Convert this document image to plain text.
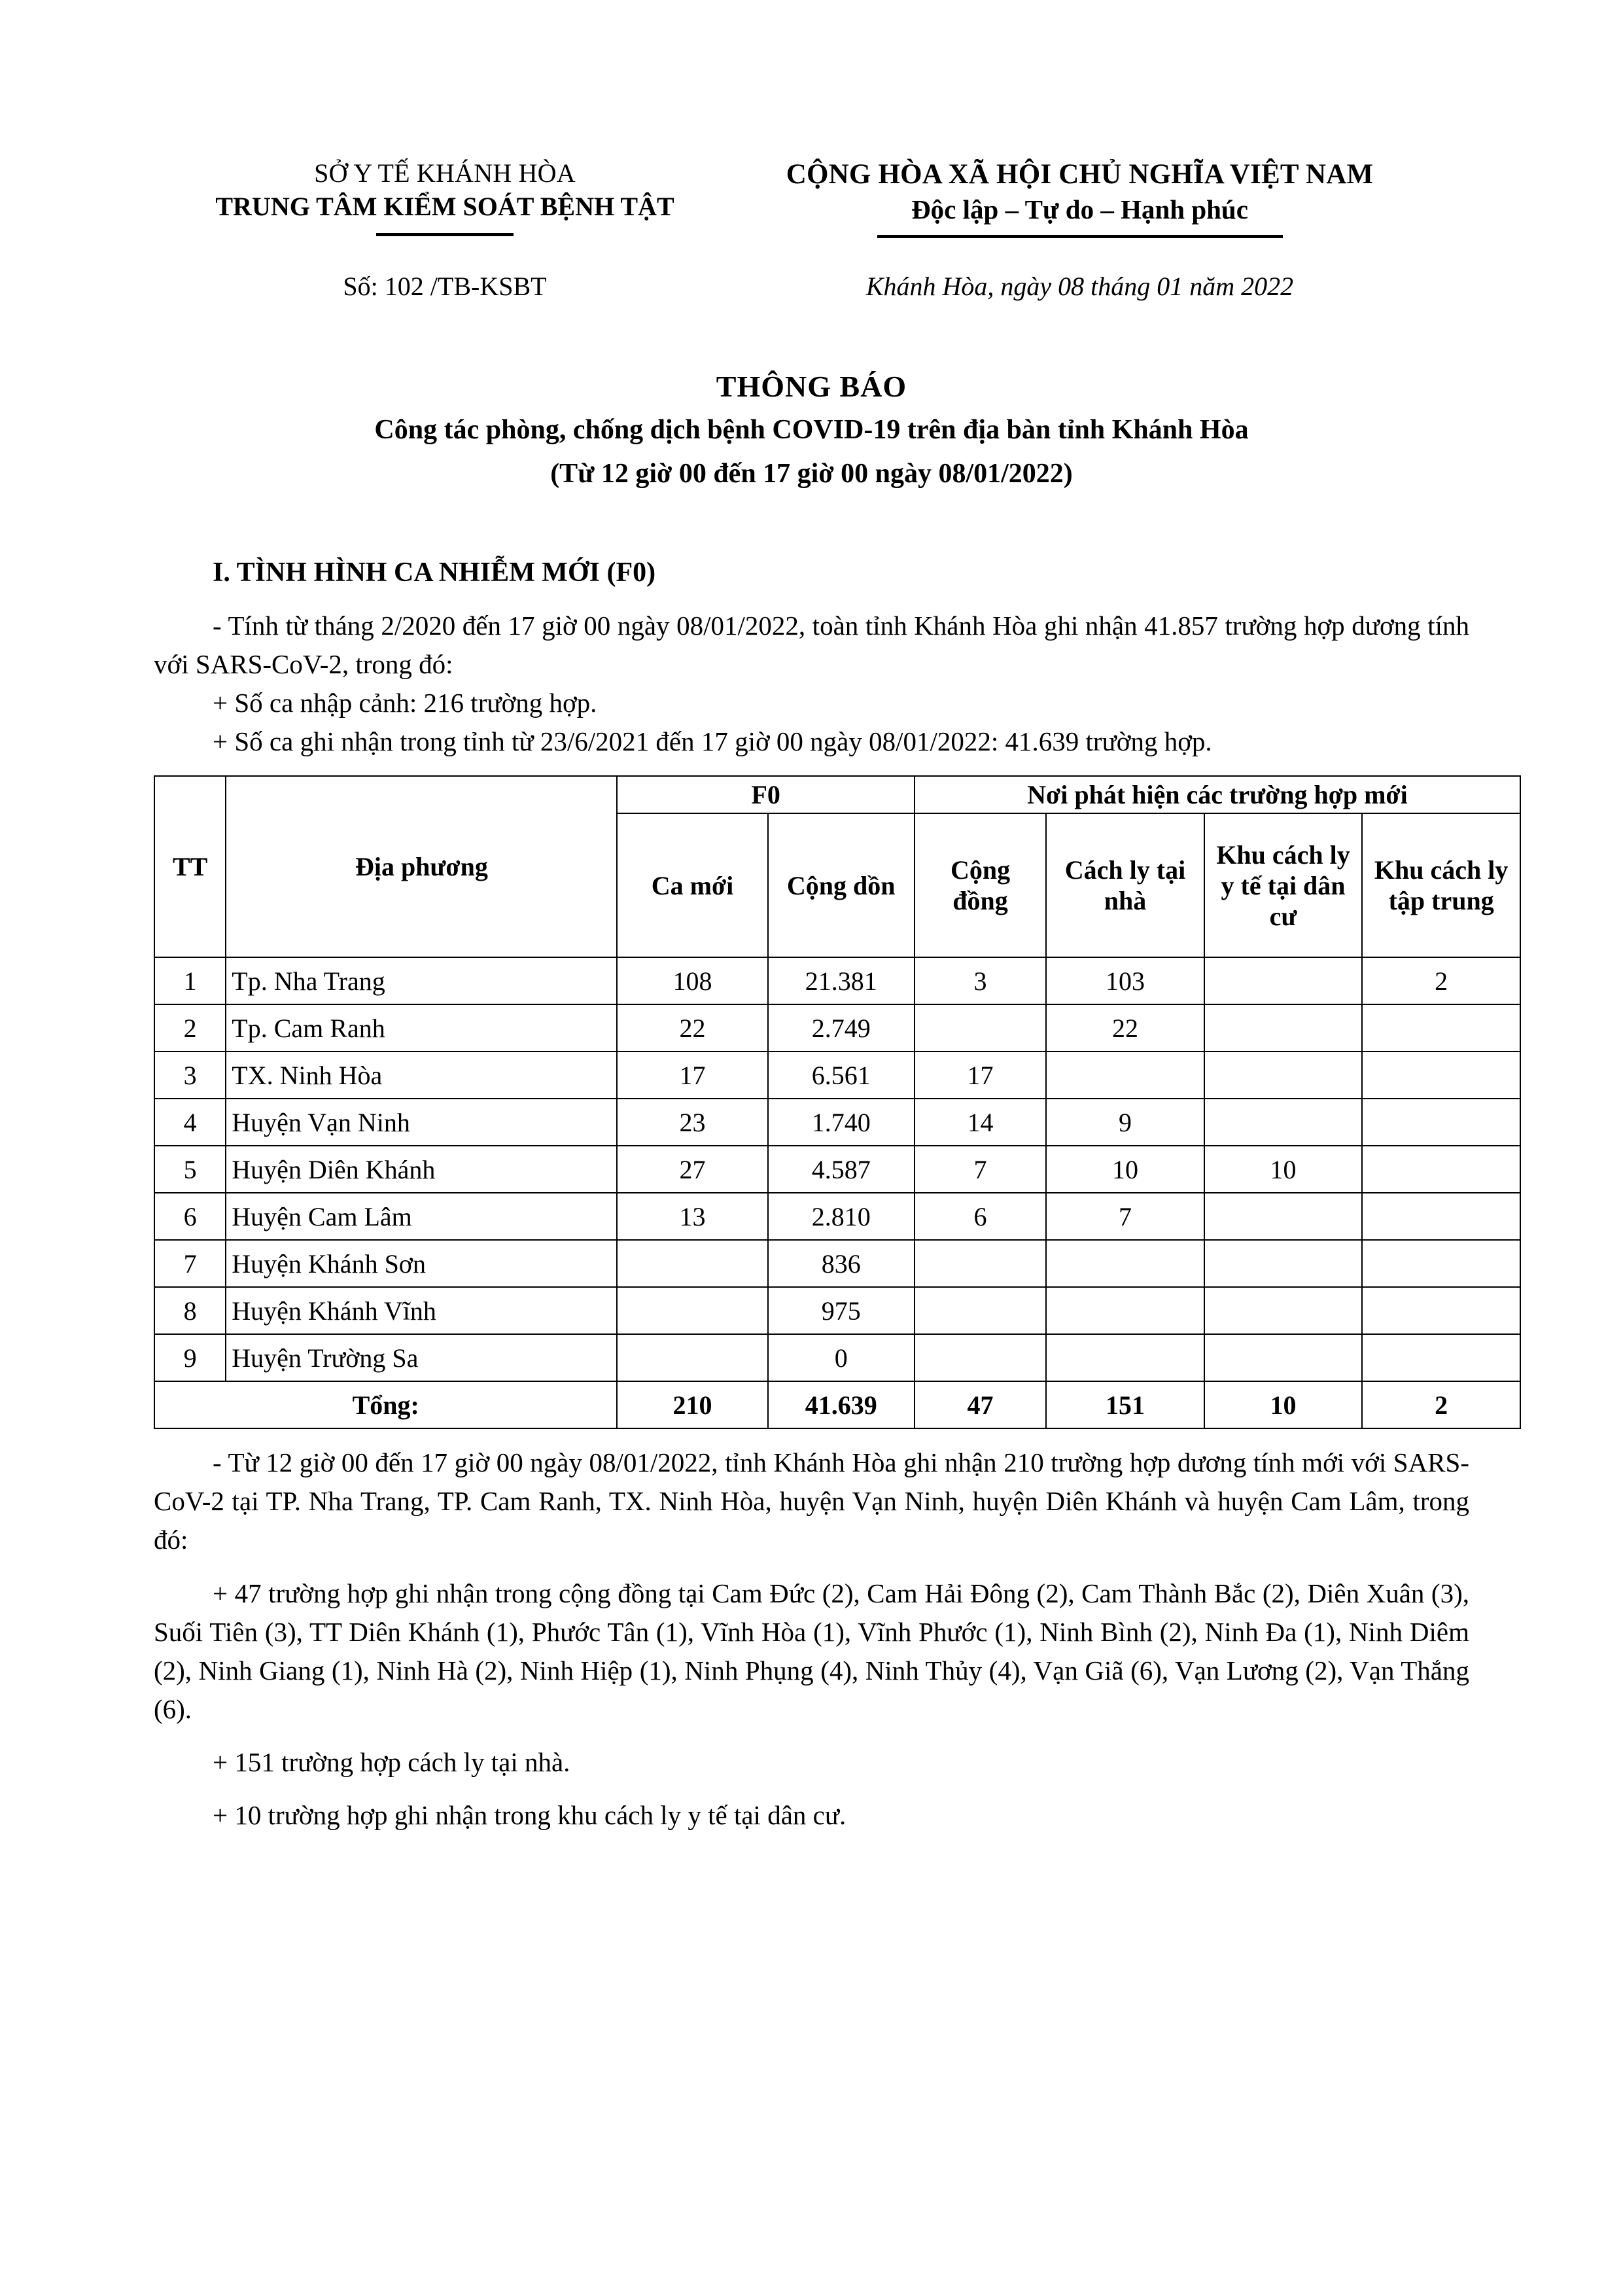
SỞ Y TẾ KHÁNH HÒA
TRUNG TÂM KIỂM SOÁT BỆNH TẬT
CỘNG HÒA XÃ HỘI CHỦ NGHĨA VIỆT NAM
Độc lập – Tự do – Hạnh phúc
Số: 102 /TB-KSBT	Khánh Hòa, ngày 08 tháng 01 năm 2022
THÔNG BÁO
Công tác phòng, chống dịch bệnh COVID-19 trên địa bàn tỉnh Khánh Hòa
(Từ 12 giờ 00 đến 17 giờ 00 ngày 08/01/2022)
I. TÌNH HÌNH CA NHIỄM MỚI (F0)

- Tính từ tháng 2/2020 đến 17 giờ 00 ngày 08/01/2022, toàn tỉnh Khánh Hòa ghi nhận 41.857 trường hợp dương tính với SARS-CoV-2, trong đó:

+ Số ca nhập cảnh: 216 trường hợp.

+ Số ca ghi nhận trong tỉnh từ 23/6/2021 đến 17 giờ 00 ngày 08/01/2022: 41.639 trường hợp.

TT	Địa phương	F0		Nơi phát hiện các trường hợp mới			
		Ca mới	Cộng dồn	Cộng đồng	Cách ly tại nhà	Khu cách ly y tế tại dân cư	Khu cách ly tập trung
1	Tp. Nha Trang	108	21.381	3	103		2
2	Tp. Cam Ranh	22	2.749		22		
3	TX. Ninh Hòa	17	6.561	17			
4	Huyện Vạn Ninh	23	1.740	14	9		
5	Huyện Diên Khánh	27	4.587	7	10	10	
6	Huyện Cam Lâm	13	2.810	6	7		
7	Huyện Khánh Sơn		836				
8	Huyện Khánh Vĩnh		975				
9	Huyện Trường Sa		0				
Tổng:		210	41.639	47	151	10	2

- Từ 12 giờ 00 đến 17 giờ 00 ngày 08/01/2022, tỉnh Khánh Hòa ghi nhận 210 trường hợp dương tính mới với SARS-CoV-2 tại TP. Nha Trang, TP. Cam Ranh, TX. Ninh Hòa, huyện Vạn Ninh, huyện Diên Khánh và huyện Cam Lâm, trong đó:

+ 47 trường hợp ghi nhận trong cộng đồng tại Cam Đức (2), Cam Hải Đông (2), Cam Thành Bắc (2), Diên Xuân (3), Suối Tiên (3), TT Diên Khánh (1), Phước Tân (1), Vĩnh Hòa (1), Vĩnh Phước (1), Ninh Bình (2), Ninh Đa (1), Ninh Diêm (2), Ninh Giang (1), Ninh Hà (2), Ninh Hiệp (1), Ninh Phụng (4), Ninh Thủy (4), Vạn Giã (6), Vạn Lương (2), Vạn Thắng (6).

+ 151 trường hợp cách ly tại nhà.

+ 10 trường hợp ghi nhận trong khu cách ly y tế tại dân cư.
